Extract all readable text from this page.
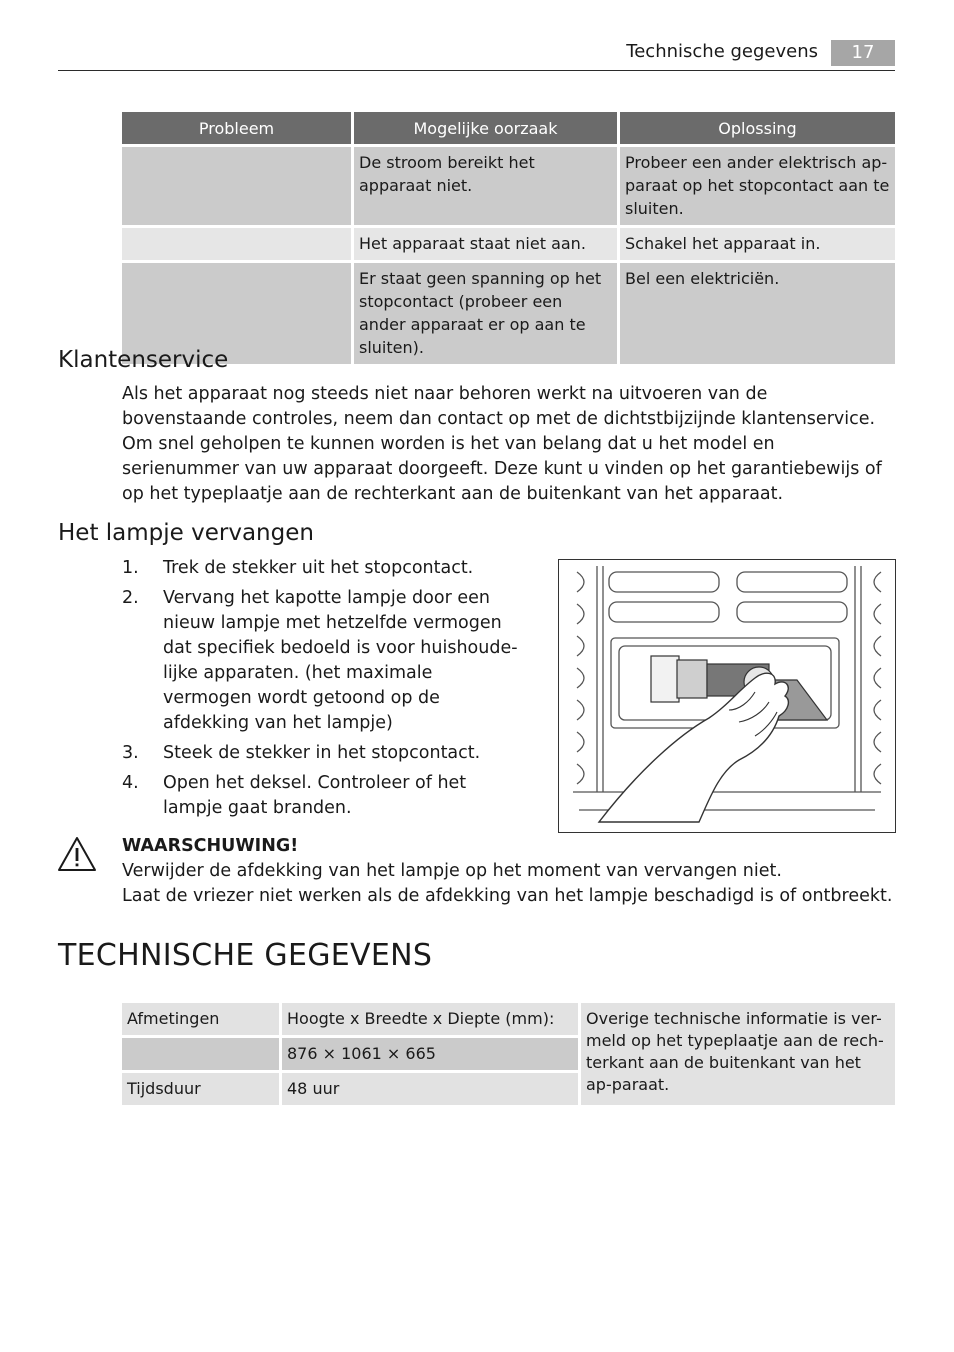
Technische gegevens	17
Probleem	Mogelijke oorzaak	Oplossing
	De stroom bereikt het apparaat niet.	Probeer een ander elektrisch ap-paraat op het stopcontact aan te sluiten.
	Het apparaat staat niet aan.	Schakel het apparaat in.
	Er staat geen spanning op het stopcontact (probeer een ander apparaat er op aan te sluiten).	Bel een elektriciën.
Klantenservice

Als het apparaat nog steeds niet naar behoren werkt na uitvoeren van de bovenstaande controles, neem dan contact op met de dichtstbijzijnde klantenservice.

Om snel geholpen te kunnen worden is het van belang dat u het model en serienummer van uw apparaat doorgeeft. Deze kunt u vinden op het garantiebewijs of op het typeplaatje aan de rechterkant aan de buitenkant van het apparaat.

Het lampje vervangen
1. Trek de stekker uit het stopcontact.
2. Vervang het kapotte lampje door een nieuw lampje met hetzelfde vermogen dat specifiek bedoeld is voor huishoude-lijke apparaten. (het maximale vermogen wordt getoond op de afdekking van het lampje)
3. Steek de stekker in het stopcontact.
4. Open het deksel. Controleer of het lampje gaat branden.
WAARSCHUWING!

Verwijder de afdekking van het lampje op het moment van vervangen niet.

Laat de vriezer niet werken als de afdekking van het lampje beschadigd is of ontbreekt.

TECHNISCHE GEGEVENS
Afmetingen	Hoogte x Breedte x Diepte (mm):	Overige technische informatie is ver-meld op het typeplaatje aan de rech-terkant aan de buitenkant van het ap-paraat.
	876 × 1061 × 665	
Tijdsduur	48 uur	
